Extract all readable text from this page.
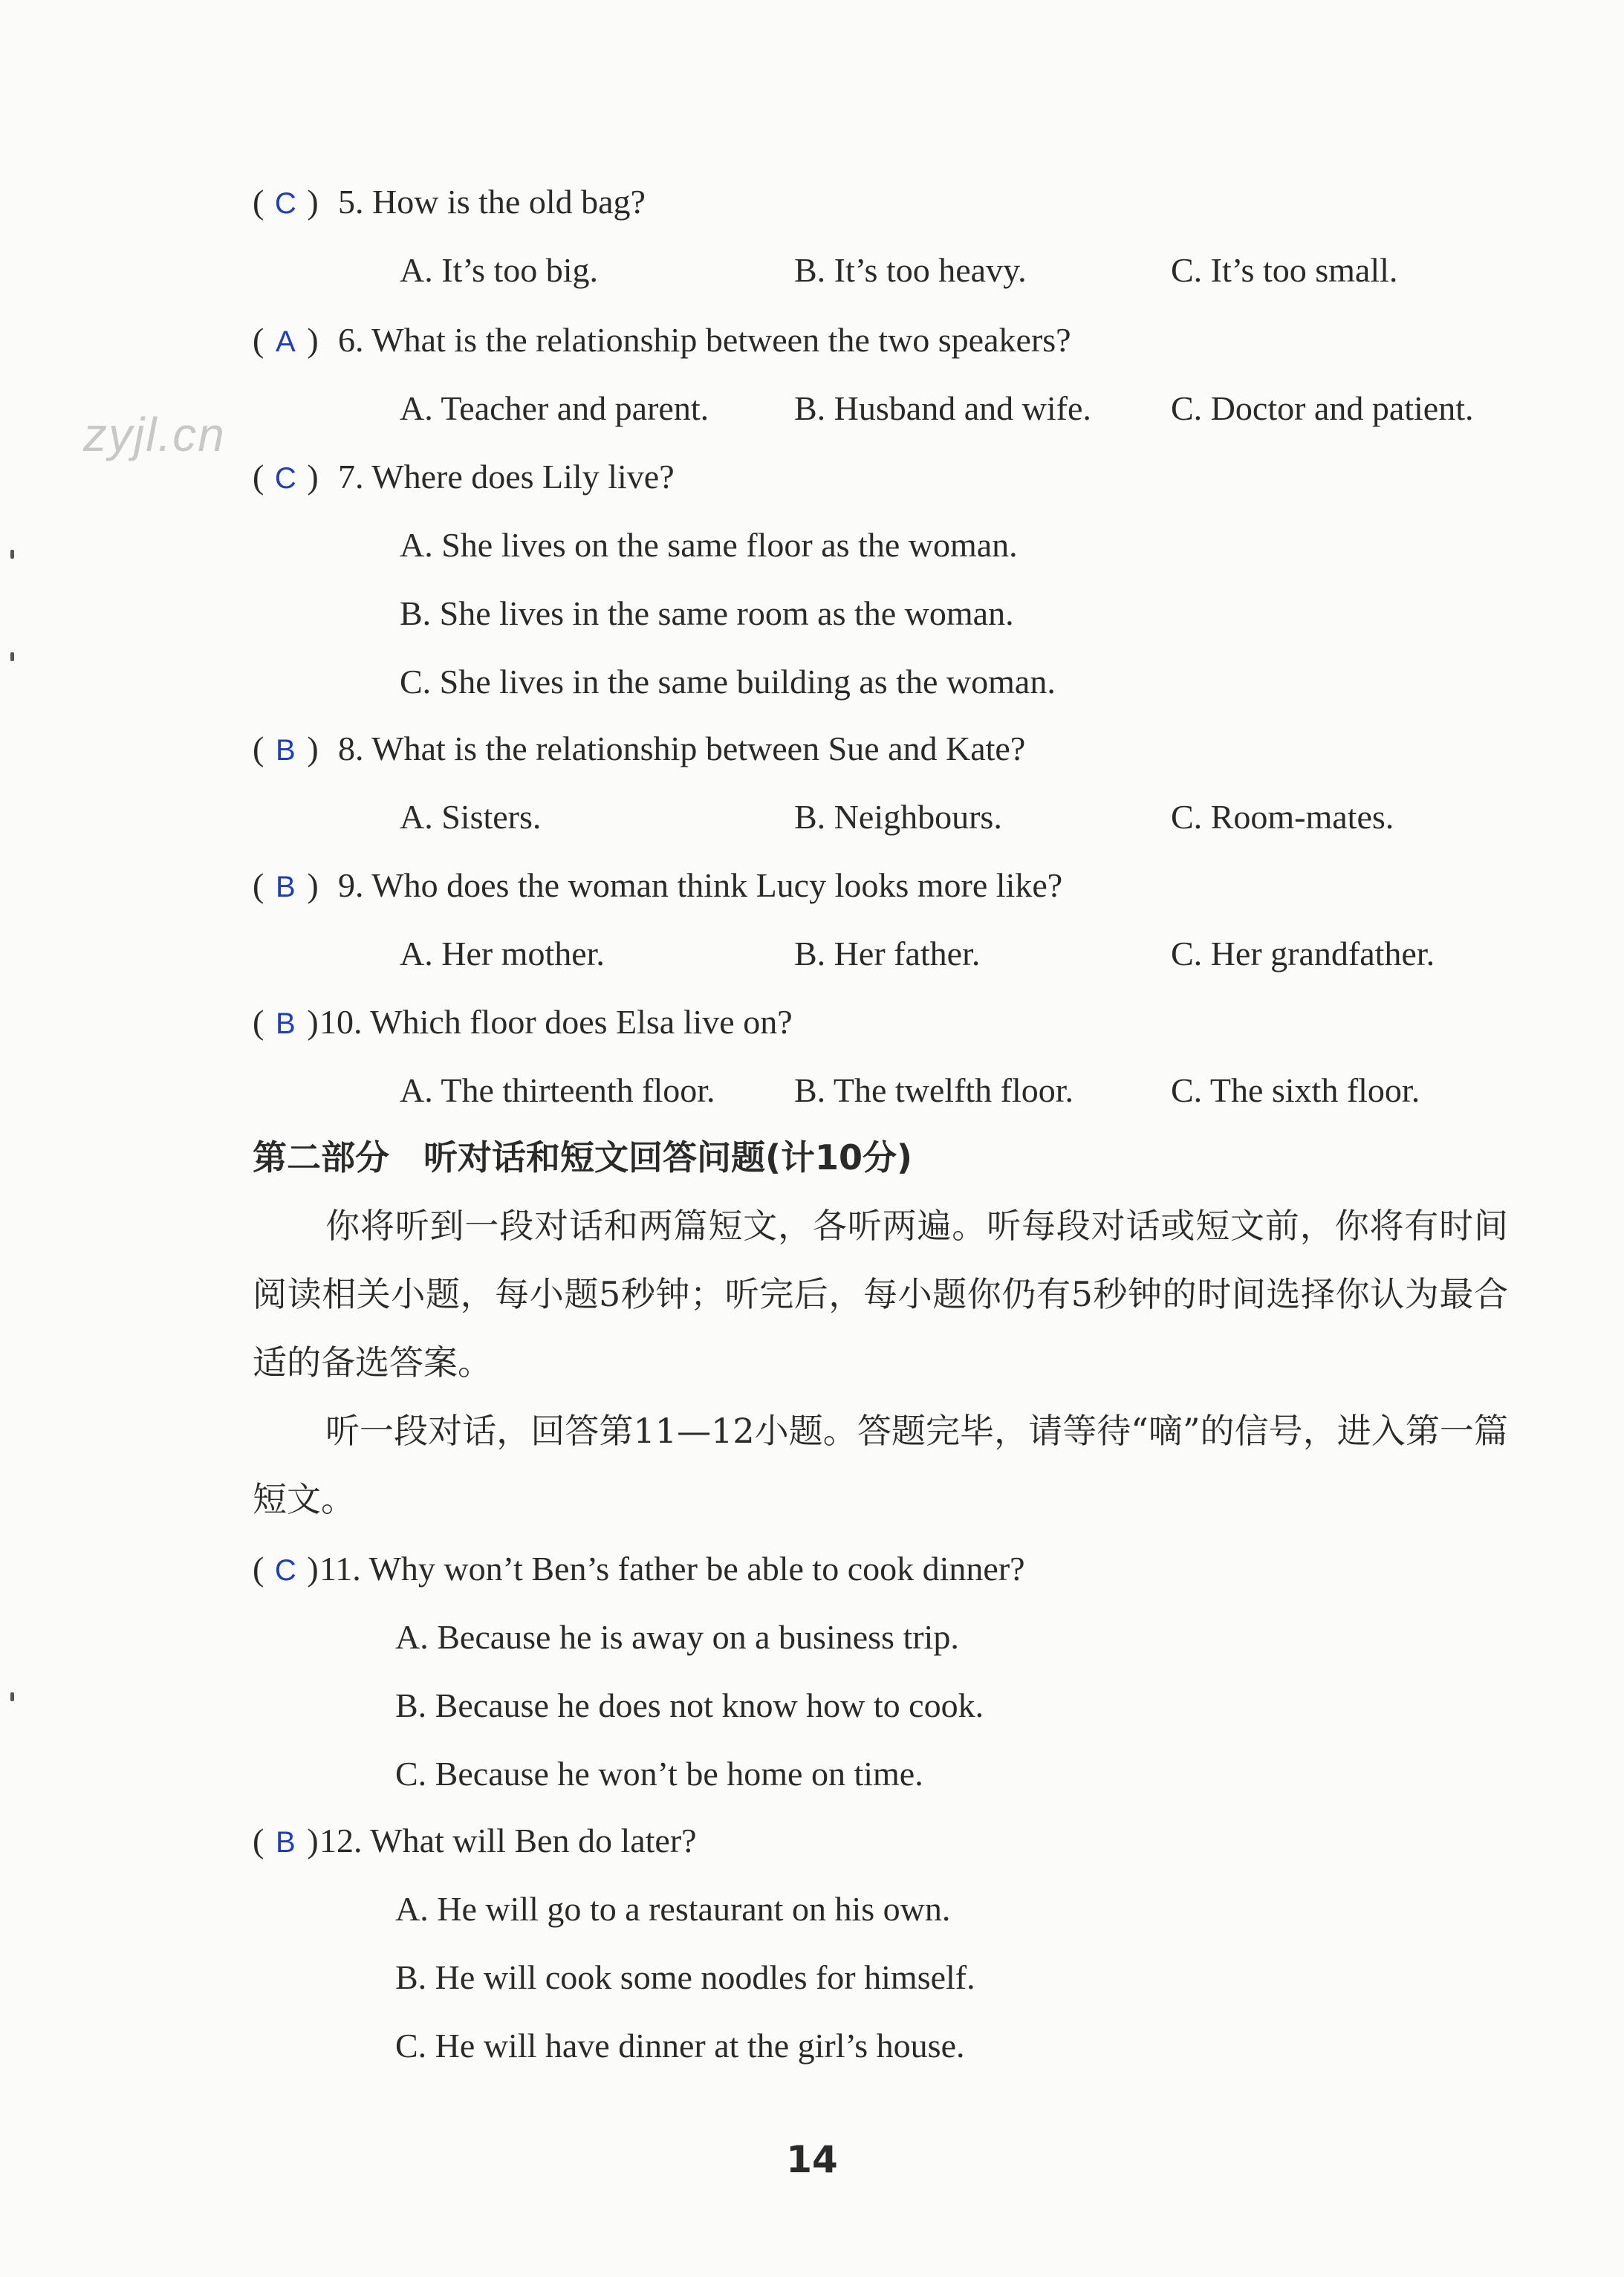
zyjl.cn
( C ) 5. How is the old bag?
A. It’s too big.	B. It’s too heavy.	C. It’s too small.
( A ) 6. What is the relationship between the two speakers?
A. Teacher and parent. B. Husband and wife. C. Doctor and patient.
( C ) 7. Where does Lily live?
A. She lives on the same floor as the woman.
B. She lives in the same room as the woman.
C. She lives in the same building as the woman.
( B ) 8. What is the relationship between Sue and Kate?
A. Sisters.	B. Neighbours.	C. Room-mates.
( B ) 9. Who does the woman think Lucy looks more like?
A. Her mother.	B. Her father.	C. Her grandfather.
( B )10. Which floor does Elsa live on?
A. The thirteenth floor. B. The twelfth floor.	C. The sixth floor.
第二部分　听对话和短文回答问题(计10分)
你将听到一段对话和两篇短文，各听两遍。听每段对话或短文前，你将有时间阅读相关小题，每小题5秒钟；听完后，每小题你仍有5秒钟的时间选择你认为最合适的备选答案。
听一段对话，回答第11—12小题。答题完毕，请等待“嘀”的信号，进入第一篇短文。
( C )11. Why won’t Ben’s father be able to cook dinner?
A. Because he is away on a business trip.
B. Because he does not know how to cook.
C. Because he won’t be home on time.
( B )12. What will Ben do later?
A. He will go to a restaurant on his own.
B. He will cook some noodles for himself.
C. He will have dinner at the girl’s house.
14
